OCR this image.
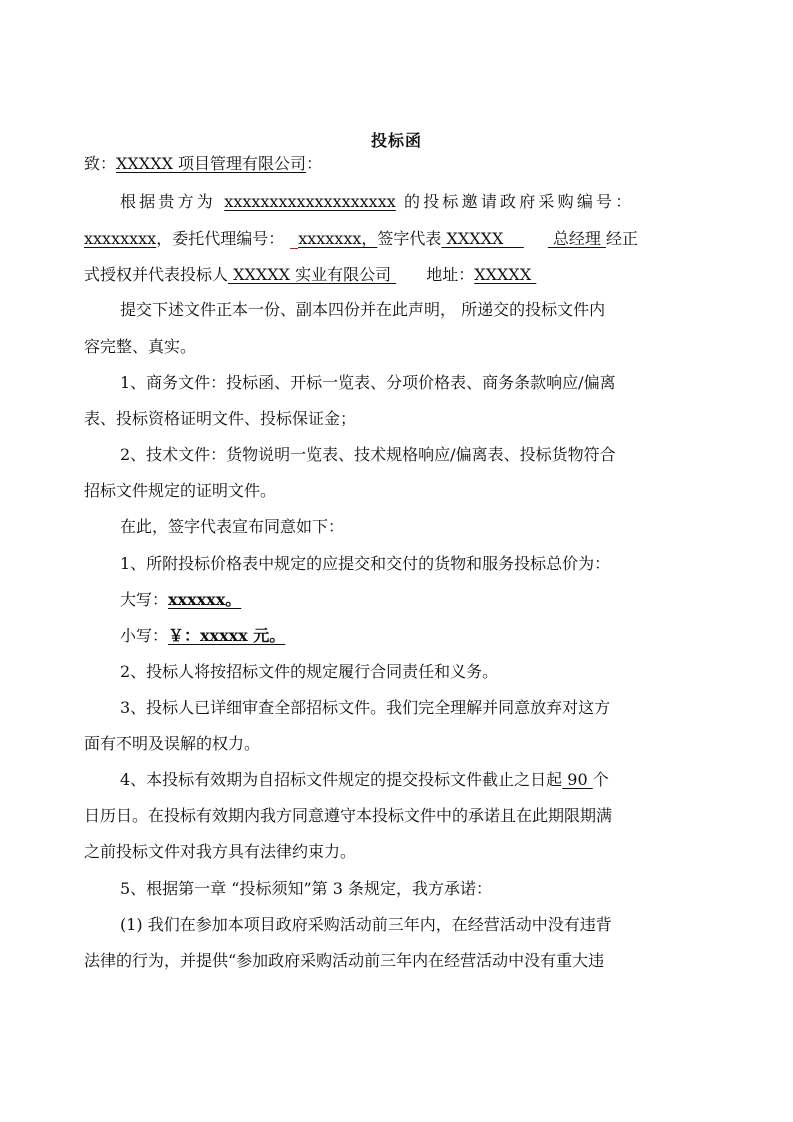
投标函
致：XXXXX 项目管理有限公司：
根据贵方为 xxxxxxxxxxxxxxxxxxx 的投标邀请政府采购编号：
xxxxxxxx，委托代理编号： xxxxxxx，签字代表 XXXXX     总经理 经正
式授权并代表投标人 XXXXX 实业有限公司 地址：XXXXX
提交下述文件正本一份、副本四份并在此声明， 所递交的投标文件内
容完整、真实。
1、商务文件：投标函、开标一览表、分项价格表、商务条款响应/偏离
表、投标资格证明文件、投标保证金；
2、技术文件：货物说明一览表、技术规格响应/偏离表、投标货物符合
招标文件规定的证明文件。
在此，签字代表宣布同意如下：
1、所附投标价格表中规定的应提交和交付的货物和服务投标总价为：
大写：xxxxxx。
小写：￥：xxxxx 元。
2、投标人将按招标文件的规定履行合同责任和义务。
3、投标人已详细审查全部招标文件。我们完全理解并同意放弃对这方
面有不明及误解的权力。
4、本投标有效期为自招标文件规定的提交投标文件截止之日起 90 个
日历日。在投标有效期内我方同意遵守本投标文件中的承诺且在此期限期满
之前投标文件对我方具有法律约束力。
5、根据第一章 “投标须知”第 3 条规定，我方承诺：
(1) 我们在参加本项目政府采购活动前三年内，在经营活动中没有违背
法律的行为，并提供“参加政府采购活动前三年内在经营活动中没有重大违
